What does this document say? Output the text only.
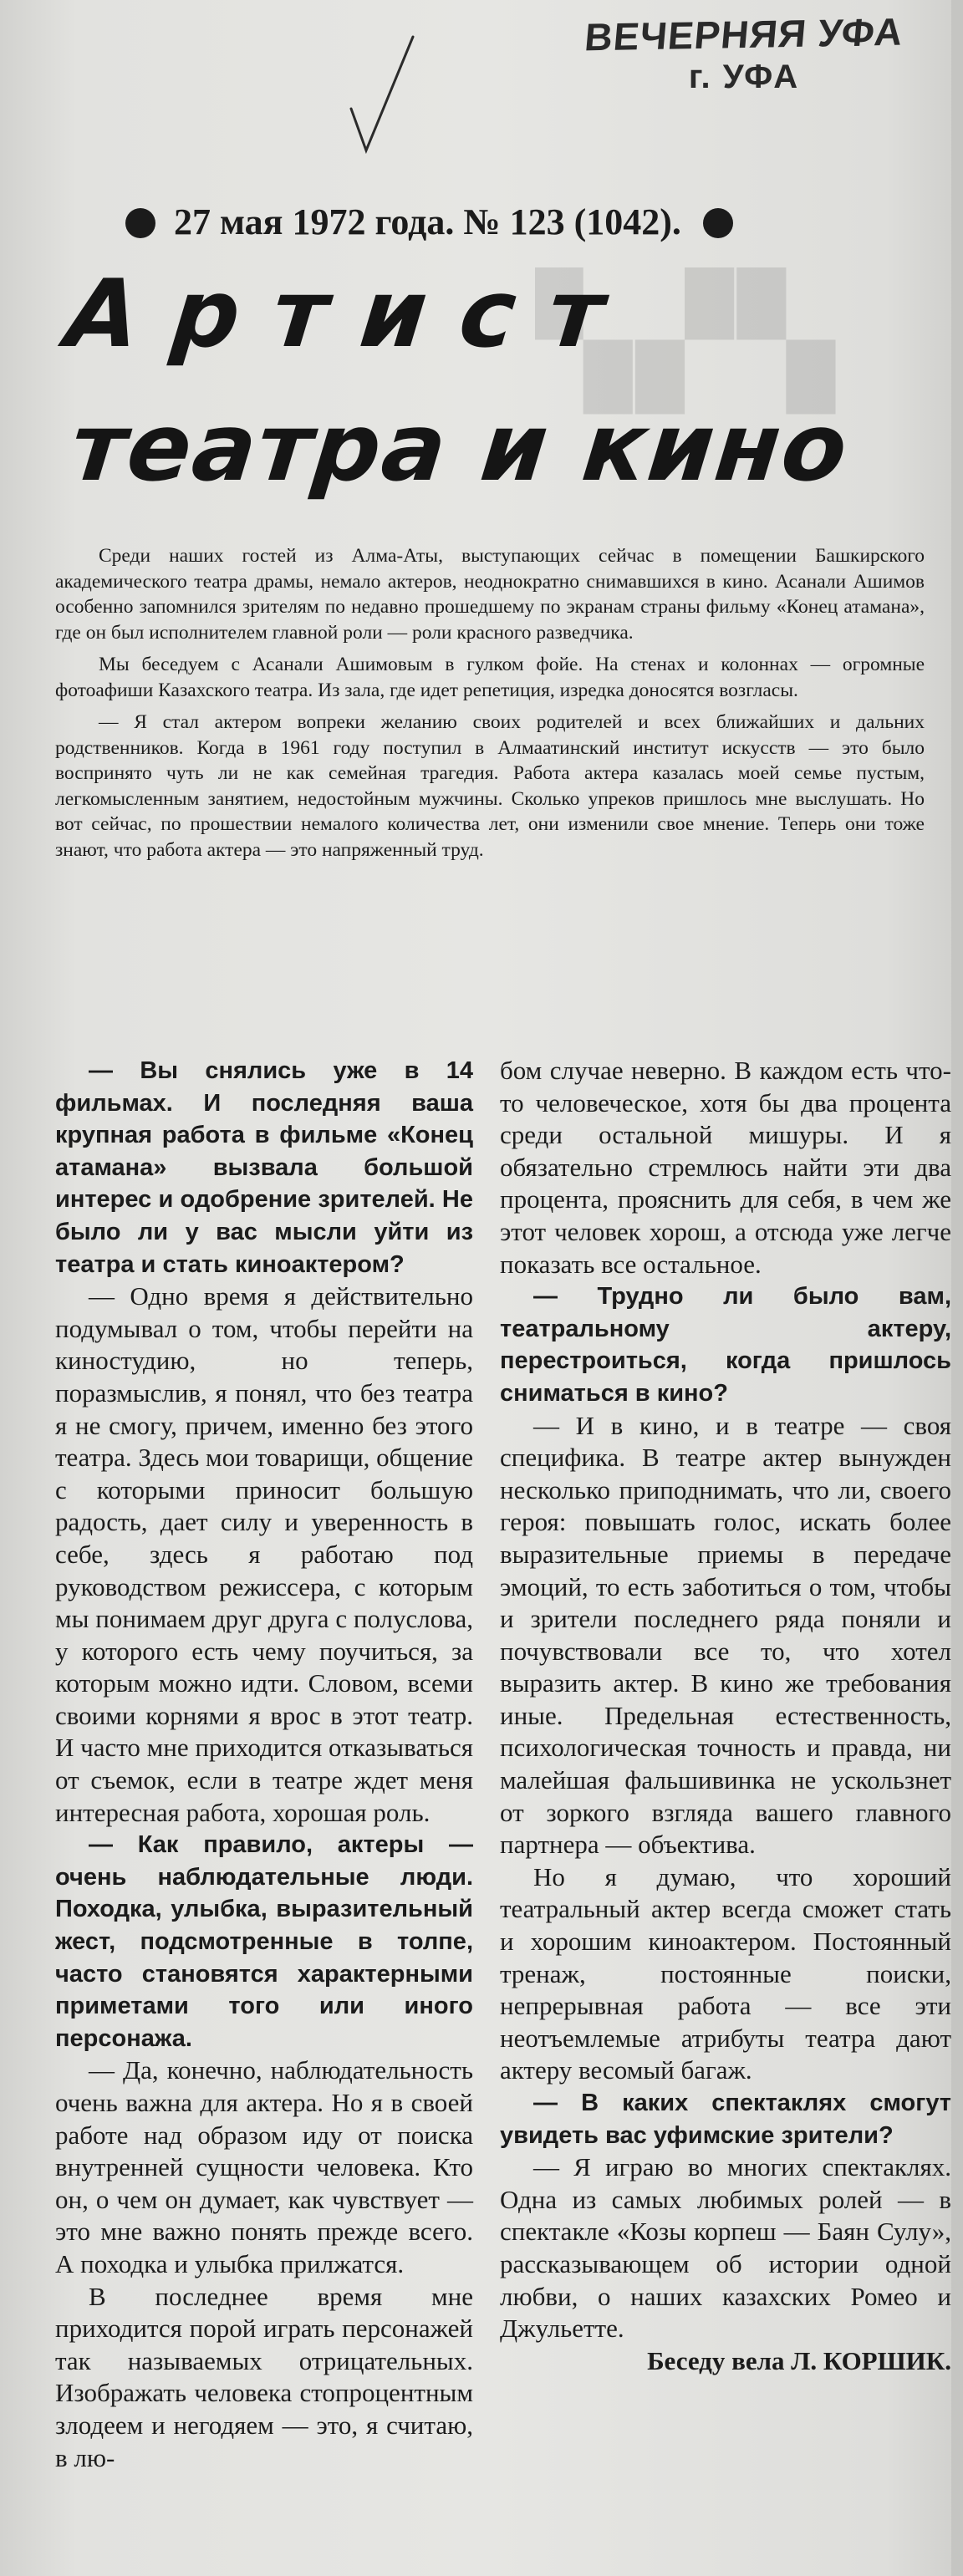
ВЕЧЕРНЯЯ УФА
г. УФА
27 мая 1972 года. № 123 (1042).
▚▞▚
Артист
театра и кино

Среди наших гостей из Алма-Аты, выступающих сейчас в помещении Башкирского академического театра драмы, немало актеров, неоднократно снимавшихся в кино. Асанали Ашимов особенно запомнился зрителям по недавно прошедшему по экранам страны фильму «Конец атамана», где он был исполнителем главной роли — роли красного разведчика.

Мы беседуем с Асанали Ашимовым в гулком фойе. На стенах и колоннах — огромные фотоафиши Казахского театра. Из зала, где идет репетиция, изредка доносятся возгласы.

— Я стал актером вопреки желанию своих родителей и всех ближайших и дальних родственников. Когда в 1961 году поступил в Алмаатинский институт искусств — это было воспринято чуть ли не как семейная трагедия. Работа актера казалась моей семье пустым, легкомысленным занятием, недостойным мужчины. Сколько упреков пришлось мне выслушать. Но вот сейчас, по прошествии немалого количества лет, они изменили свое мнение. Теперь они тоже знают, что работа актера — это напряженный труд.

— Вы снялись уже в 14 фильмах. И последняя ваша крупная работа в фильме «Конец атамана» вызвала большой интерес и одобрение зрителей. Не было ли у вас мысли уйти из театра и стать киноактером?

— Одно время я действительно подумывал о том, чтобы перейти на киностудию, но теперь, поразмыслив, я понял, что без театра я не смогу, причем, именно без этого театра. Здесь мои товарищи, общение с которыми приносит большую радость, дает силу и уверенность в себе, здесь я работаю под руководством режиссера, с которым мы понимаем друг друга с полуслова, у которого есть чему поучиться, за которым можно идти. Словом, всеми своими корнями я врос в этот театр. И часто мне приходится отказываться от съемок, если в театре ждет меня интересная работа, хорошая роль.

— Как правило, актеры — очень наблюдательные люди. Походка, улыбка, выразительный жест, подсмотренные в толпе, часто становятся характерными приметами того или иного персонажа.

— Да, конечно, наблюдательность очень важна для актера. Но я в своей работе над образом иду от поиска внутренней сущности человека. Кто он, о чем он думает, как чувствует — это мне важно понять прежде всего. А походка и улыбка прилжатся.

В последнее время мне приходится порой играть персонажей так называемых отрицательных. Изображать человека стопроцентным злодеем и негодяем — это, я считаю, в лю-

бом случае неверно. В каждом есть что-то человеческое, хотя бы два процента среди остальной мишуры. И я обязательно стремлюсь найти эти два процента, прояснить для себя, в чем же этот человек хорош, а отсюда уже легче показать все остальное.

— Трудно ли было вам, театральному актеру, перестроиться, когда пришлось сниматься в кино?

— И в кино, и в театре — своя специфика. В театре актер вынужден несколько приподнимать, что ли, своего героя: повышать голос, искать более выразительные приемы в передаче эмоций, то есть заботиться о том, чтобы и зрители последнего ряда поняли и почувствовали все то, что хотел выразить актер. В кино же требования иные. Предельная естественность, психологическая точность и правда, ни малейшая фальшивинка не ускользнет от зоркого взгляда вашего главного партнера — объектива.

Но я думаю, что хороший театральный актер всегда сможет стать и хорошим киноактером. Постоянный тренаж, постоянные поиски, непрерывная работа — все эти неотъемлемые атрибуты театра дают актеру весомый багаж.

— В каких спектаклях смогут увидеть вас уфимские зрители?

— Я играю во многих спектаклях. Одна из самых любимых ролей — в спектакле «Козы корпеш — Баян Сулу», рассказывающем об истории одной любви, о наших казахских Ромео и Джульетте.

Беседу вела Л. КОРШИК.
